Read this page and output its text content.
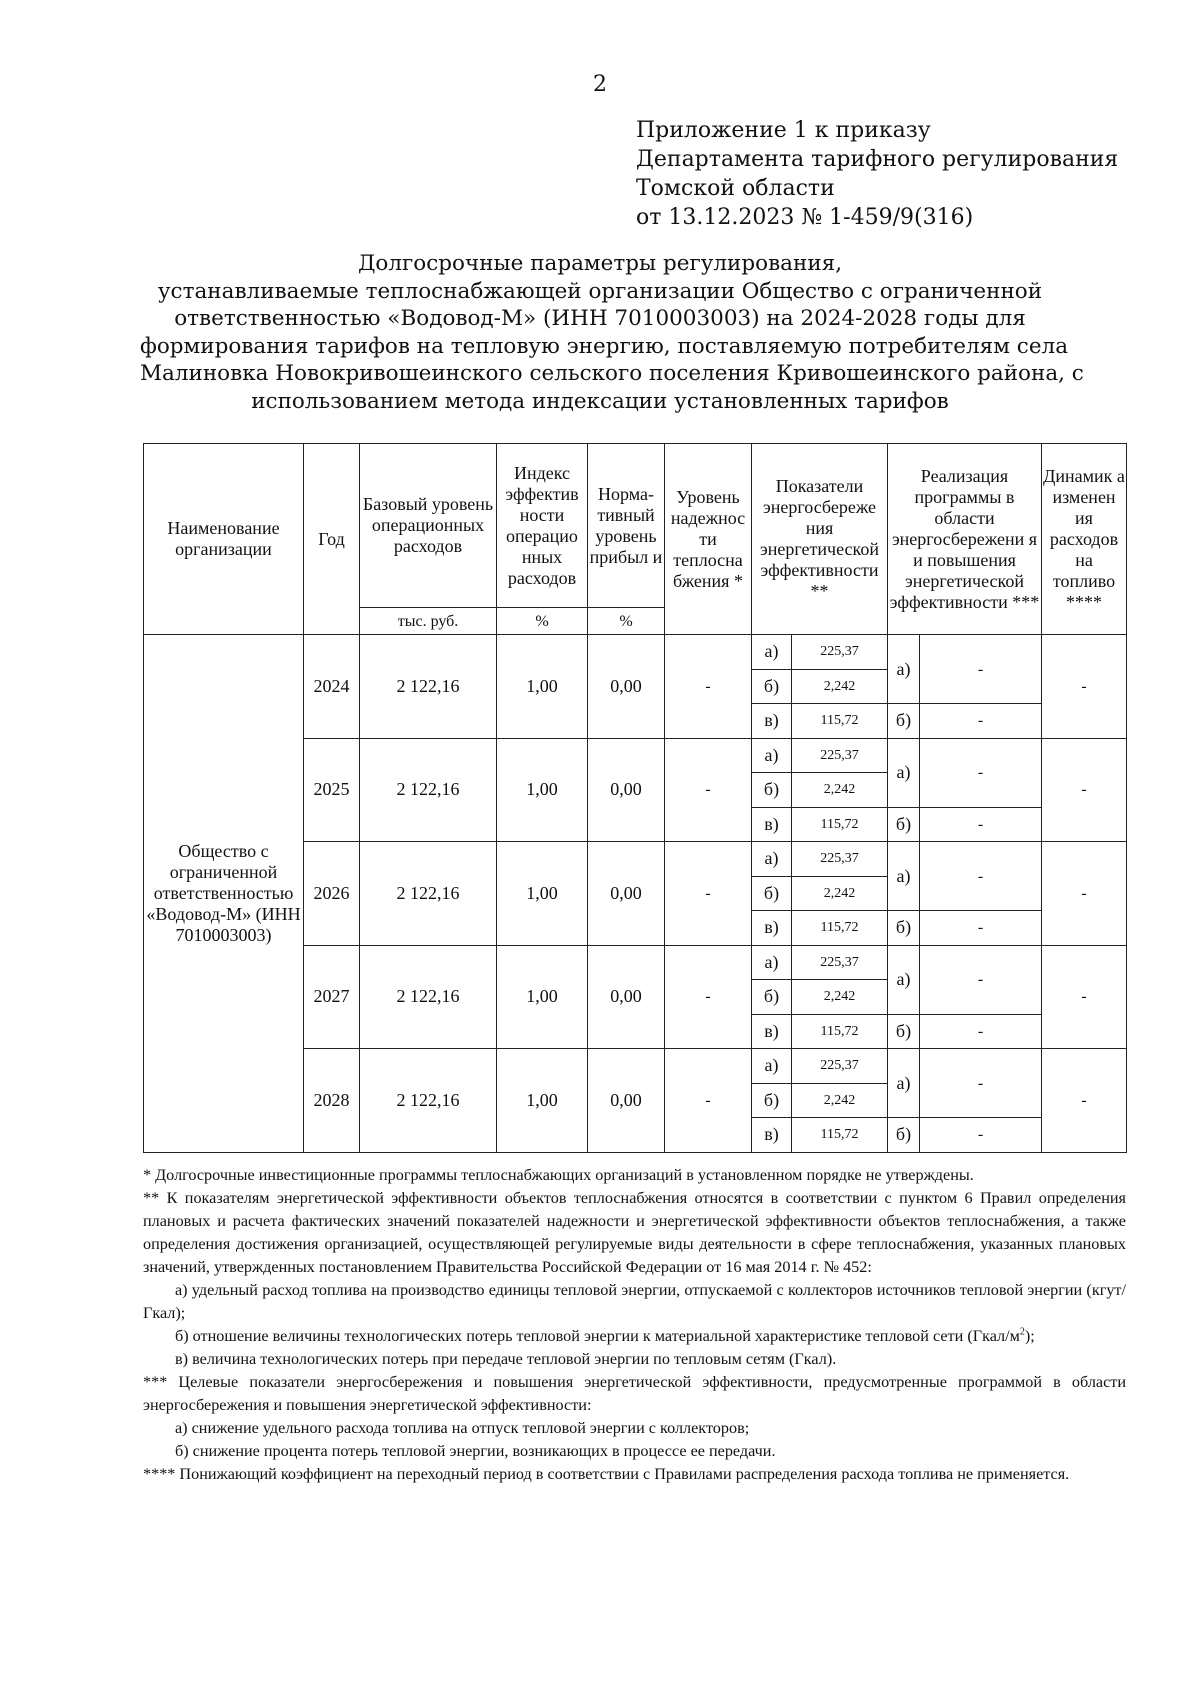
2
Приложение 1 к приказу
Департамента тарифного регулирования
Томской области
от 13.12.2023 № 1-459/9(316)
Долгосрочные параметры регулирования,
устанавливаемые теплоснабжающей организации Общество с ограниченной
ответственностью «Водовод-М» (ИНН 7010003003) на 2024-2028 годы для
формирования тарифов на тепловую энергию, поставляемую потребителям села
Малиновка Новокривошеинского сельского поселения Кривошеинского района, с
использованием метода индексации установленных тарифов
Наименование организации	Год	Базовый уровень операционных расходов	Индекс эффектив ности операцио нных расходов	Норма- тивный уровень прибыл и	Уровень надежнос ти теплосна бжения *	Показатели энергосбереже ния энергетической эффективности **		Реализация программы в области энергосбережени я и повышения энергетической эффективности ***		Динамик а изменен ия расходов на топливо ****
		тыс. руб.	%	%						
Общество с ограниченной ответственностью «Водовод-М» (ИНН 7010003003)	2024	2 122,16	1,00	0,00	-	а)	225,37	а)	-	-
						б)	2,242			
						в)	115,72	б)	-	
	2025	2 122,16	1,00	0,00	-	а)	225,37	а)	-	-
						б)	2,242			
						в)	115,72	б)	-	
	2026	2 122,16	1,00	0,00	-	а)	225,37	а)	-	-
						б)	2,242			
						в)	115,72	б)	-	
	2027	2 122,16	1,00	0,00	-	а)	225,37	а)	-	-
						б)	2,242			
						в)	115,72	б)	-	
	2028	2 122,16	1,00	0,00	-	а)	225,37	а)	-	-
						б)	2,242			
						в)	115,72	б)	-	

* Долгосрочные инвестиционные программы теплоснабжающих организаций в установленном порядке не утверждены.

** К показателям энергетической эффективности объектов теплоснабжения относятся в соответствии с пунктом 6 Правил определения плановых и расчета фактических значений показателей надежности и энергетической эффективности объектов теплоснабжения, а также определения достижения организацией, осуществляющей регулируемые виды деятельности в сфере теплоснабжения, указанных плановых значений, утвержденных постановлением Правительства Российской Федерации от 16 мая 2014 г. № 452:

а) удельный расход топлива на производство единицы тепловой энергии, отпускаемой с коллекторов источников тепловой энергии (кгут/Гкал);

б) отношение величины технологических потерь тепловой энергии к материальной характеристике тепловой сети $(Гкал/м^2)$;

в) величина технологических потерь при передаче тепловой энергии по тепловым сетям (Гкал).

*** Целевые показатели энергосбережения и повышения энергетической эффективности, предусмотренные программой в области энергосбережения и повышения энергетической эффективности:

а) снижение удельного расхода топлива на отпуск тепловой энергии с коллекторов;

б) снижение процента потерь тепловой энергии, возникающих в процессе ее передачи.

**** Понижающий коэффициент на переходный период в соответствии с Правилами распределения расхода топлива не применяется.
